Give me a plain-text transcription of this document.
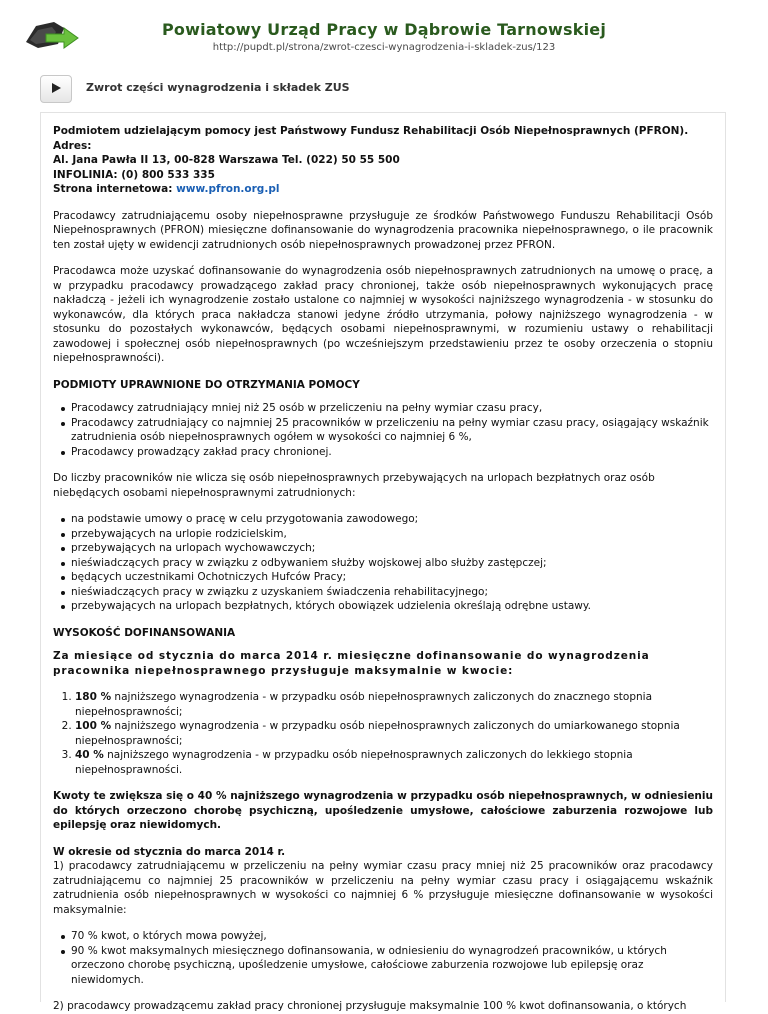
Powiatowy Urząd Pracy w Dąbrowie Tarnowskiej
http://pupdt.pl/strona/zwrot-czesci-wynagrodzenia-i-skladek-zus/123
Zwrot części wynagrodzenia i składek ZUS

Podmiotem udzielającym pomocy jest Państwowy Fundusz Rehabilitacji Osób Niepełnosprawnych (PFRON).
Adres:
Al. Jana Pawła II 13, 00-828 Warszawa Tel. (022) 50 55 500
INFOLINIA: (0) 800 533 335
Strona internetowa: www.pfron.org.pl

Pracodawcy zatrudniającemu osoby niepełnosprawne przysługuje ze środków Państwowego Funduszu Rehabilitacji Osób Niepełnosprawnych (PFRON) miesięczne dofinansowanie do wynagrodzenia pracownika niepełnosprawnego, o ile pracownik ten został ujęty w ewidencji zatrudnionych osób niepełnosprawnych prowadzonej przez PFRON.

Pracodawca może uzyskać dofinansowanie do wynagrodzenia osób niepełnosprawnych zatrudnionych na umowę o pracę, a w przypadku pracodawcy prowadzącego zakład pracy chronionej, także osób niepełnosprawnych wykonujących pracę nakładczą - jeżeli ich wynagrodzenie zostało ustalone co najmniej w wysokości najniższego wynagrodzenia - w stosunku do wykonawców, dla których praca nakładcza stanowi jedyne źródło utrzymania, połowy najniższego wynagrodzenia - w stosunku do pozostałych wykonawców, będących osobami niepełnosprawnymi, w rozumieniu ustawy o rehabilitacji zawodowej i społecznej osób niepełnosprawnych (po wcześniejszym przedstawieniu przez te osoby orzeczenia o stopniu niepełnosprawności).

PODMIOTY UPRAWNIONE DO OTRZYMANIA POMOCY
Pracodawcy zatrudniający mniej niż 25 osób w przeliczeniu na pełny wymiar czasu pracy,
Pracodawcy zatrudniający co najmniej 25 pracowników w przeliczeniu na pełny wymiar czasu pracy, osiągający wskaźnik zatrudnienia osób niepełnosprawnych ogółem w wysokości co najmniej 6 %,
Pracodawcy prowadzący zakład pracy chronionej.

Do liczby pracowników nie wlicza się osób niepełnosprawnych przebywających na urlopach bezpłatnych oraz osób niebędących osobami niepełnosprawnymi zatrudnionych:

na podstawie umowy o pracę w celu przygotowania zawodowego;
przebywających na urlopie rodzicielskim,
przebywających na urlopach wychowawczych;
nieświadczących pracy w związku z odbywaniem służby wojskowej albo służby zastępczej;
będących uczestnikami Ochotniczych Hufców Pracy;
nieświadczących pracy w związku z uzyskaniem świadczenia rehabilitacyjnego;
przebywających na urlopach bezpłatnych, których obowiązek udzielenia określają odrębne ustawy.
WYSOKOŚĆ DOFINANSOWANIA

Za miesiące od stycznia do marca 2014 r. miesięczne dofinansowanie do wynagrodzenia pracownika niepełnosprawnego przysługuje maksymalnie w kwocie:

1. 180 % najniższego wynagrodzenia - w przypadku osób niepełnosprawnych zaliczonych do znacznego stopnia niepełnosprawności;
2. 100 % najniższego wynagrodzenia - w przypadku osób niepełnosprawnych zaliczonych do umiarkowanego stopnia niepełnosprawności;
3. 40 % najniższego wynagrodzenia - w przypadku osób niepełnosprawnych zaliczonych do lekkiego stopnia niepełnosprawności.

Kwoty te zwiększa się o 40 % najniższego wynagrodzenia w przypadku osób niepełnosprawnych, w odniesieniu do których orzeczono chorobę psychiczną, upośledzenie umysłowe, całościowe zaburzenia rozwojowe lub epilepsję oraz niewidomych.

W okresie od stycznia do marca 2014 r.
1) pracodawcy zatrudniającemu w przeliczeniu na pełny wymiar czasu pracy mniej niż 25 pracowników oraz pracodawcy zatrudniającemu co najmniej 25 pracowników w przeliczeniu na pełny wymiar czasu pracy i osiągającemu wskaźnik zatrudnienia osób niepełnosprawnych w wysokości co najmniej 6 % przysługuje miesięczne dofinansowanie w wysokości maksymalnie:

70 % kwot, o których mowa powyżej,
90 % kwot maksymalnych miesięcznego dofinansowania, w odniesieniu do wynagrodzeń pracowników, u których orzeczono chorobę psychiczną, upośledzenie umysłowe, całościowe zaburzenia rozwojowe lub epilepsję oraz niewidomych.

2) pracodawcy prowadzącemu zakład pracy chronionej przysługuje maksymalnie 100 % kwot dofinansowania, o których
